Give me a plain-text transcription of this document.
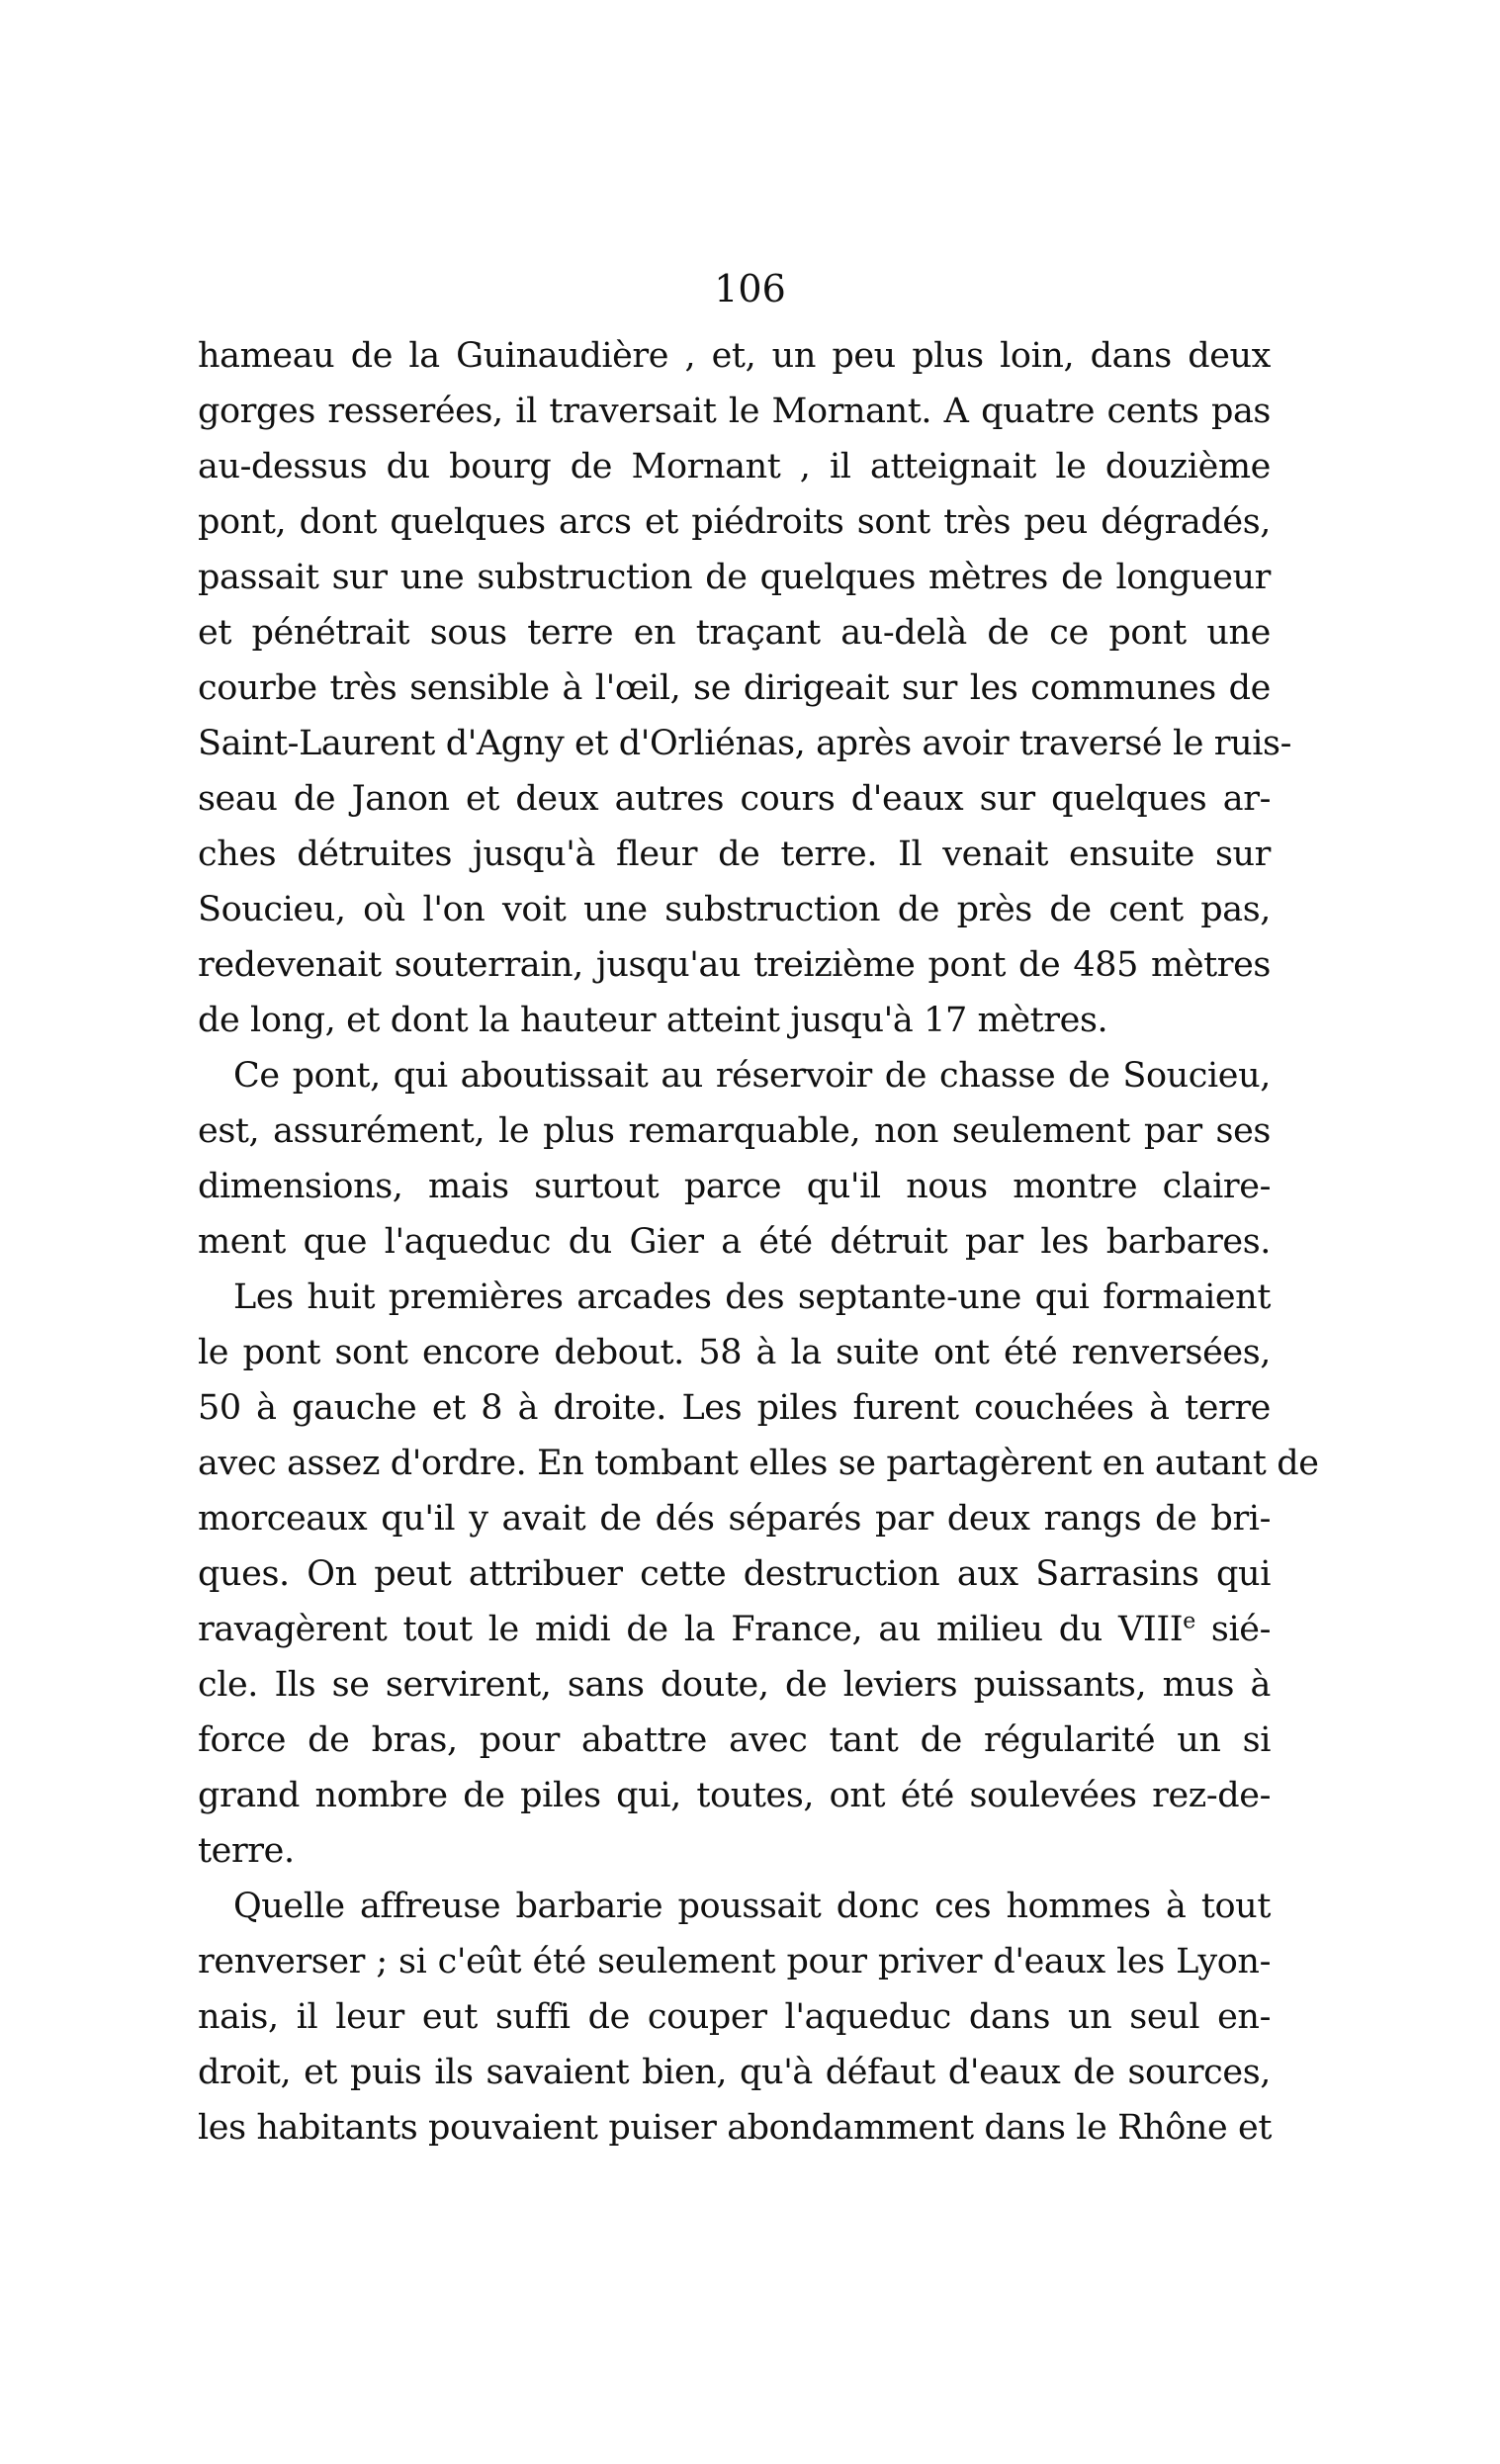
106
hameau de la Guinaudière , et, un peu plus loin, dans deux
gorges resserées, il traversait le Mornant. A quatre cents pas
au-dessus du bourg de Mornant , il atteignait le douzième
pont, dont quelques arcs et piédroits sont très peu dégradés,
passait sur une substruction de quelques mètres de longueur
et pénétrait sous terre en traçant au-delà de ce pont une
courbe très sensible à l'œil, se dirigeait sur les communes de
Saint-Laurent d'Agny et d'Orliénas, après avoir traversé le ruis-
seau de Janon et deux autres cours d'eaux sur quelques ar-
ches détruites jusqu'à fleur de terre. Il venait ensuite sur
Soucieu, où l'on voit une substruction de près de cent pas,
redevenait souterrain, jusqu'au treizième pont de 485 mètres
de long, et dont la hauteur atteint jusqu'à 17 mètres.
Ce pont, qui aboutissait au réservoir de chasse de Soucieu,
est, assurément, le plus remarquable, non seulement par ses
dimensions, mais surtout parce qu'il nous montre claire-
ment que l'aqueduc du Gier a été détruit par les barbares.
Les huit premières arcades des septante-une qui formaient
le pont sont encore debout. 58 à la suite ont été renversées,
50 à gauche et 8 à droite. Les piles furent couchées à terre
avec assez d'ordre. En tombant elles se partagèrent en autant de
morceaux qu'il y avait de dés séparés par deux rangs de bri-
ques. On peut attribuer cette destruction aux Sarrasins qui
ravagèrent tout le midi de la France, au milieu du VIIIe sié-
cle. Ils se servirent, sans doute, de leviers puissants, mus à
force de bras, pour abattre avec tant de régularité un si
grand nombre de piles qui, toutes, ont été soulevées rez-de-
terre.
Quelle affreuse barbarie poussait donc ces hommes à tout
renverser ; si c'eût été seulement pour priver d'eaux les Lyon-
nais, il leur eut suffi de couper l'aqueduc dans un seul en-
droit, et puis ils savaient bien, qu'à défaut d'eaux de sources,
les habitants pouvaient puiser abondamment dans le Rhône et
